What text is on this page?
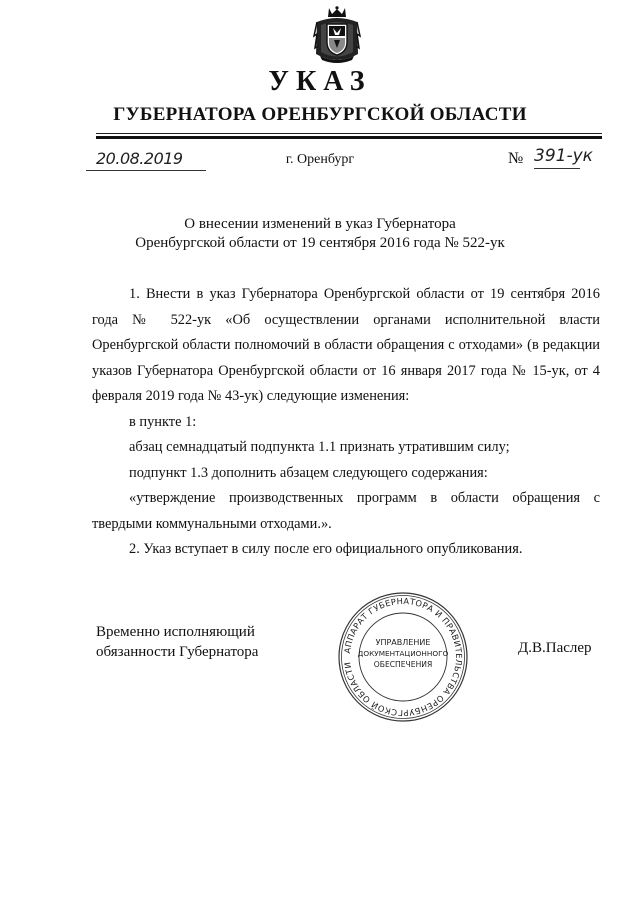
УКАЗ
ГУБЕРНАТОРА ОРЕНБУРГСКОЙ ОБЛАСТИ
20.08.2019	г. Оренбург	№ 391-ук
О внесении изменений в указ Губернатора
Оренбургской области от 19 сентября 2016 года № 522-ук

1. Внести в указ Губернатора Оренбургской области от 19 сентября 2016 года № 522-ук «Об осуществлении органами исполнительной власти Оренбургской области полномочий в области обращения с отходами» (в редакции указов Губернатора Оренбургской области от 16 января 2017 года № 15-ук, от 4 февраля 2019 года № 43-ук) следующие изменения:

в пункте 1:

абзац семнадцатый подпункта 1.1 признать утратившим силу;

подпункт 1.3 дополнить абзацем следующего содержания:

«утверждение производственных программ в области обращения с твердыми коммунальными отходами.».

2. Указ вступает в силу после его официального опубликования.

Временно исполняющий
обязанности Губернатора	АППАРАТ ГУБЕРНАТОРА И ПРАВИТЕЛЬСТВА ОРЕНБУРГСКОЙ ОБЛАСТИ
УПРАВЛЕНИЕ
ДОКУМЕНТАЦИОННОГО
ОБЕСПЕЧЕНИЯ
Д.В.Паслер
